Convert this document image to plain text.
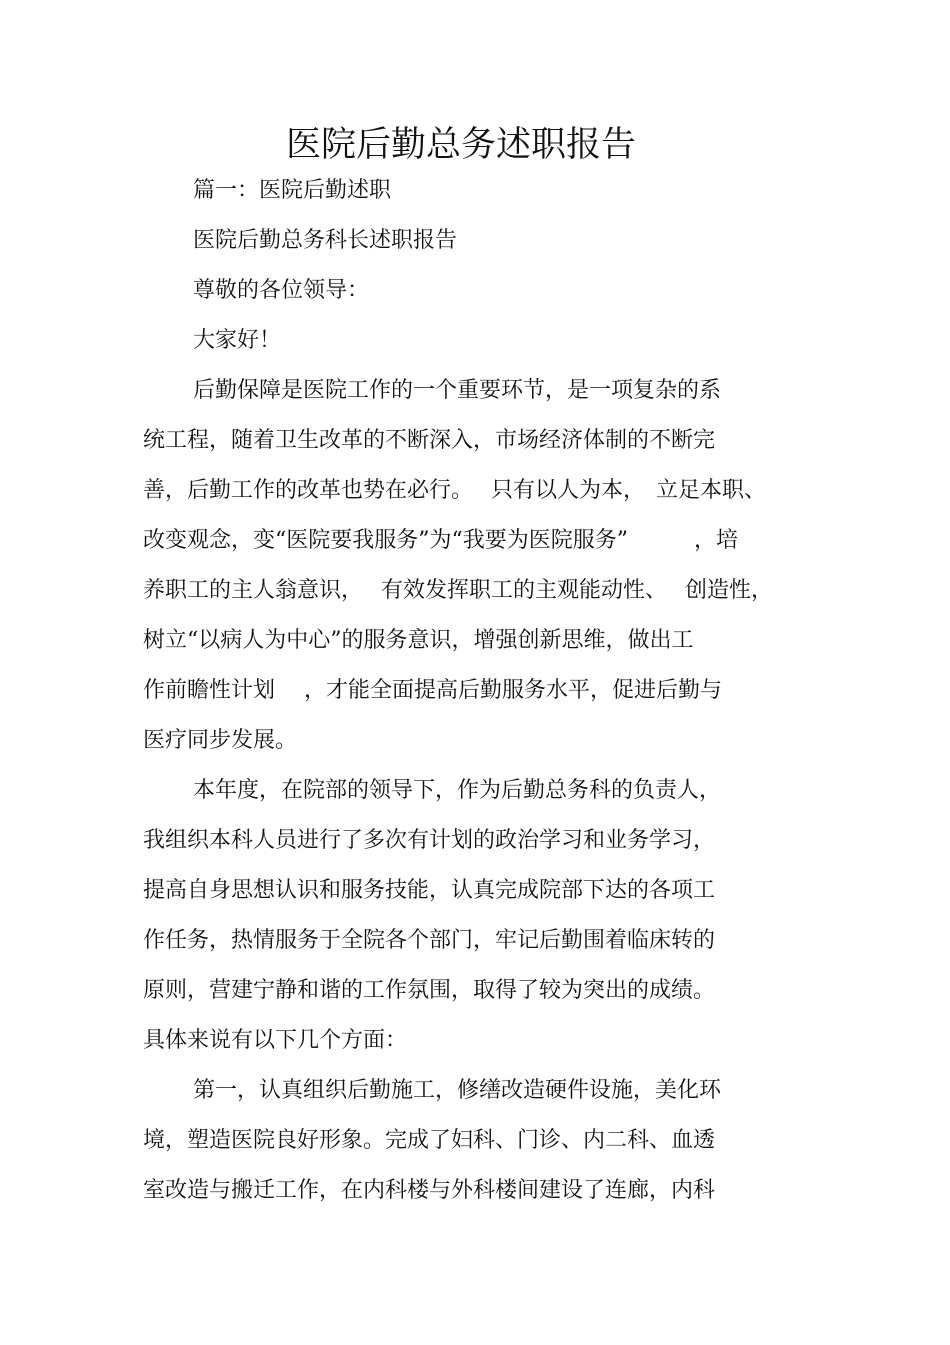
医院后勤总务述职报告
篇一：医院后勤述职
医院后勤总务科长述职报告
尊敬的各位领导：
大家好！
后勤保障是医院工作的一个重要环节，是一项复杂的系
统工程，随着卫生改革的不断深入，市场经济体制的不断完
善，后勤工作的改革也势在必行。　 只有以人为本，　立足本职、
改变观念，变“医院要我服务”为“我要为医院服务”　　　，培
养职工的主人翁意识，　 有效发挥职工的主观能动性、　 创造性，
树立“以病人为中心”的服务意识，增强创新思维，做出工
作前瞻性计划　 ，才能全面提高后勤服务水平，促进后勤与
医疗同步发展。
本年度，在院部的领导下，作为后勤总务科的负责人，
我组织本科人员进行了多次有计划的政治学习和业务学习，
提高自身思想认识和服务技能，认真完成院部下达的各项工
作任务，热情服务于全院各个部门，牢记后勤围着临床转的
原则，营建宁静和谐的工作氛围，取得了较为突出的成绩。
具体来说有以下几个方面：
第一，认真组织后勤施工，修缮改造硬件设施，美化环
境，塑造医院良好形象。完成了妇科、门诊、内二科、血透
室改造与搬迁工作，在内科楼与外科楼间建设了连廊，内科
